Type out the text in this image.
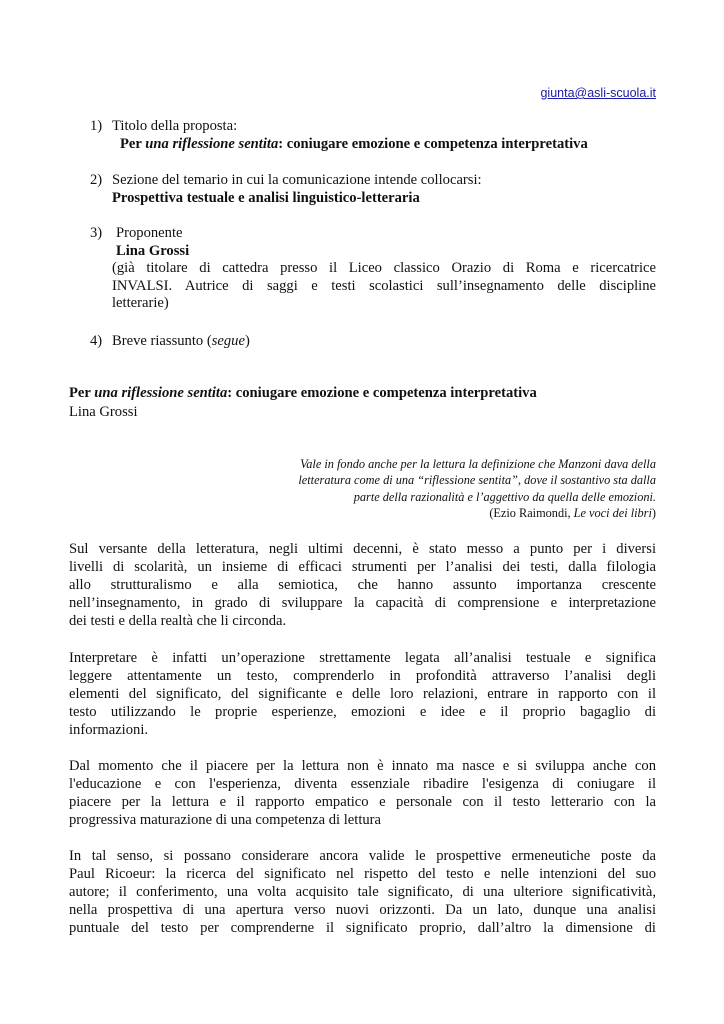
giunta@asli-scuola.it
1) Titolo della proposta:
Per una riflessione sentita: coniugare emozione e competenza interpretativa
2) Sezione del temario in cui la comunicazione intende collocarsi:
Prospettiva testuale e analisi linguistico-letteraria
3) Proponente
Lina Grossi
(già titolare di cattedra presso il Liceo classico Orazio di Roma e ricercatrice
INVALSI. Autrice di saggi e testi scolastici sull’insegnamento delle discipline
letterarie)
4) Breve riassunto (segue)
Per una riflessione sentita: coniugare emozione e competenza interpretativa
Lina Grossi
Vale in fondo anche per la lettura la definizione che Manzoni dava della
letteratura come di una “riflessione sentita”, dove il sostantivo sta dalla
parte della razionalità e l’aggettivo da quella delle emozioni.
(Ezio Raimondi, Le voci dei libri)
Sul versante della letteratura, negli ultimi decenni, è stato messo a punto per i diversi
livelli di scolarità, un insieme di efficaci strumenti per l’analisi dei testi, dalla filologia
allo strutturalismo e alla semiotica, che hanno assunto importanza crescente
nell’insegnamento, in grado di sviluppare la capacità di comprensione e interpretazione
dei testi e della realtà che li circonda.
Interpretare è infatti un’operazione strettamente legata all’analisi testuale e significa
leggere attentamente un testo, comprenderlo in profondità attraverso l’analisi degli
elementi del significato, del significante e delle loro relazioni, entrare in rapporto con il
testo utilizzando le proprie esperienze, emozioni e idee e il proprio bagaglio di
informazioni.
Dal momento che il piacere per la lettura non è innato ma nasce e si sviluppa anche con
l'educazione e con l'esperienza, diventa essenziale ribadire l'esigenza di coniugare il
piacere per la lettura e il rapporto empatico e personale con il testo letterario con la
progressiva maturazione di una competenza di lettura
In tal senso, si possano considerare ancora valide le prospettive ermeneutiche poste da
Paul Ricoeur: la ricerca del significato nel rispetto del testo e nelle intenzioni del suo
autore; il conferimento, una volta acquisito tale significato, di una ulteriore significatività,
nella prospettiva di una apertura verso nuovi orizzonti. Da un lato, dunque una analisi
puntuale del testo per comprenderne il significato proprio, dall’altro la dimensione di
